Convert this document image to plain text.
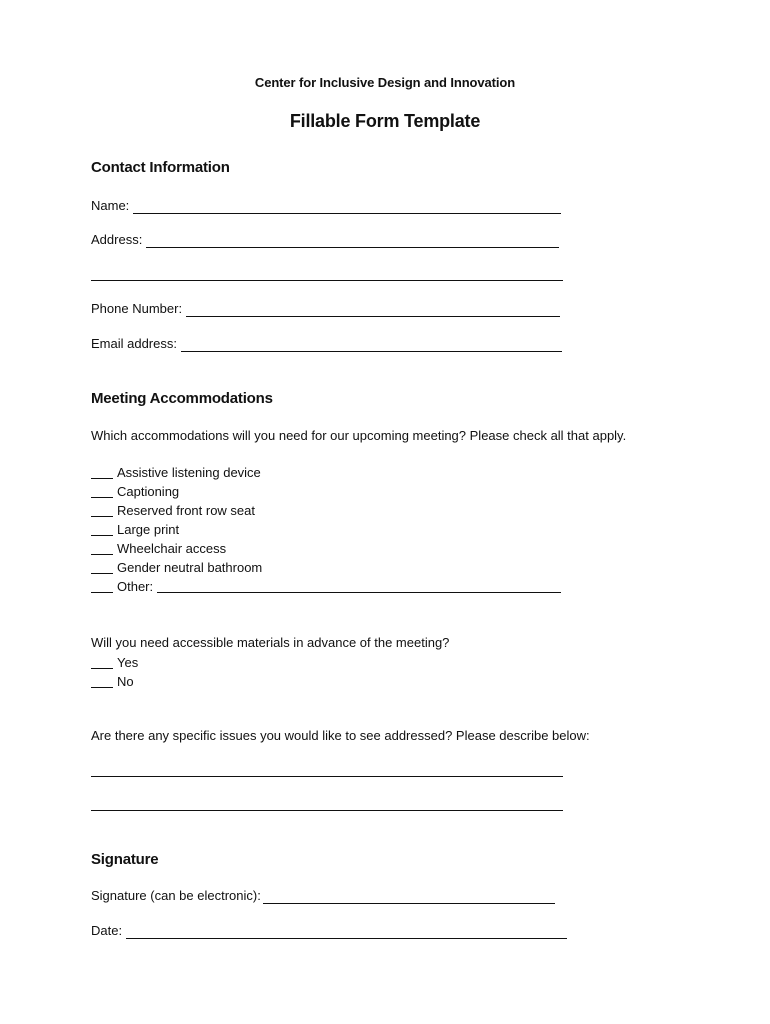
Center for Inclusive Design and Innovation
Fillable Form Template
Contact Information
Name:
Address:
Phone Number:
Email address:
Meeting Accommodations
Which accommodations will you need for our upcoming meeting? Please check all that apply.
Assistive listening device
Captioning
Reserved front row seat
Large print
Wheelchair access
Gender neutral bathroom
Other:
Will you need accessible materials in advance of the meeting?
Yes
No
Are there any specific issues you would like to see addressed? Please describe below:
Signature
Signature (can be electronic):
Date:
